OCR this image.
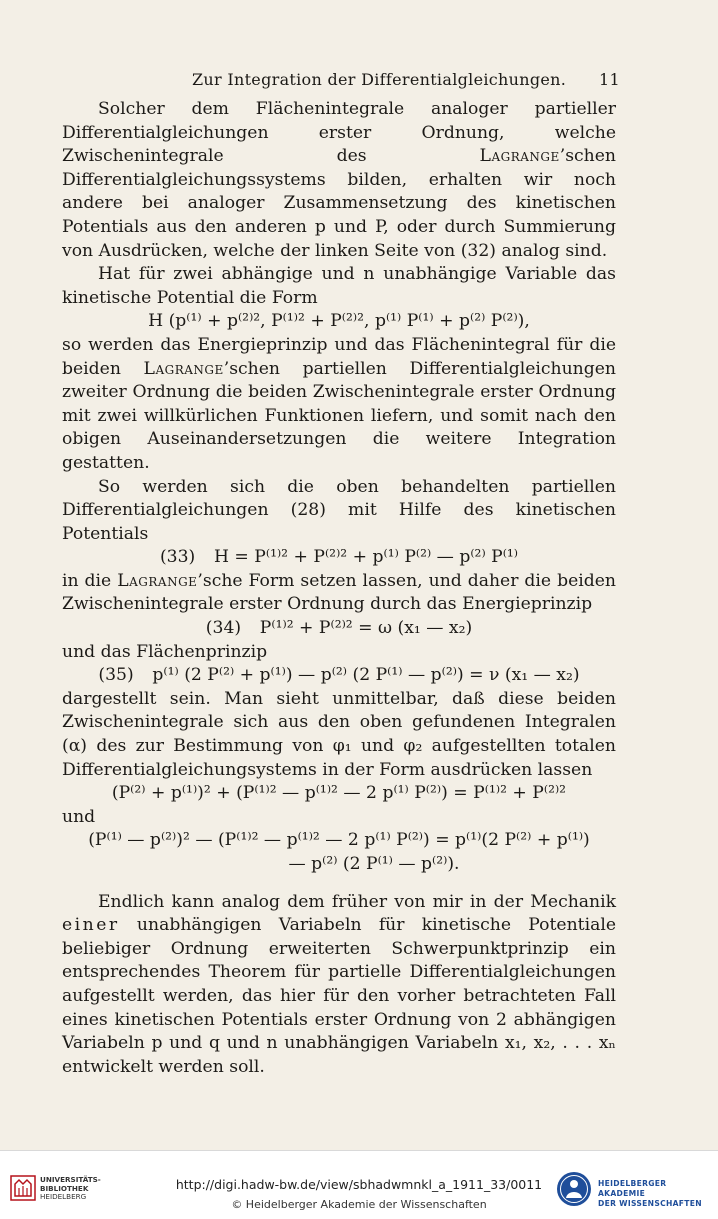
Zur Integration der Differentialgleichungen. 11

Solcher dem Flächenintegrale analoger partieller Differentialgleichungen erster Ordnung, welche Zwischenintegrale des Lagrange’schen Differentialgleichungssystems bilden, erhalten wir noch andere bei analoger Zusammensetzung des kinetischen Potentials aus den anderen p und P, oder durch Summierung von Ausdrücken, welche der linken Seite von (32) analog sind.

Hat für zwei abhängige und n unabhängige Variable das kinetische Potential die Form

H (p⁽¹⁾ + p⁽²⁾², P⁽¹⁾² + P⁽²⁾², p⁽¹⁾ P⁽¹⁾ + p⁽²⁾ P⁽²⁾),

so werden das Energieprinzip und das Flächenintegral für die beiden Lagrange’schen partiellen Differentialgleichungen zweiter Ordnung die beiden Zwischenintegrale erster Ordnung mit zwei willkürlichen Funktionen liefern, und somit nach den obigen Auseinandersetzungen die weitere Integration gestatten.

So werden sich die oben behandelten partiellen Differentialgleichungen (28) mit Hilfe des kinetischen Potentials

(33) H = P⁽¹⁾² + P⁽²⁾² + p⁽¹⁾ P⁽²⁾ — p⁽²⁾ P⁽¹⁾

in die Lagrange’sche Form setzen lassen, und daher die beiden Zwischenintegrale erster Ordnung durch das Energieprinzip

(34) P⁽¹⁾² + P⁽²⁾² = ω (x₁ — x₂)

und das Flächenprinzip

(35) p⁽¹⁾ (2 P⁽²⁾ + p⁽¹⁾) — p⁽²⁾ (2 P⁽¹⁾ — p⁽²⁾) = ν (x₁ — x₂)

dargestellt sein. Man sieht unmittelbar, daß diese beiden Zwischenintegrale sich aus den oben gefundenen Integralen (α) des zur Bestimmung von φ₁ und φ₂ aufgestellten totalen Differentialgleichungsystems in der Form ausdrücken lassen

(P⁽²⁾ + p⁽¹⁾)² + (P⁽¹⁾² — p⁽¹⁾² — 2 p⁽¹⁾ P⁽²⁾) = P⁽¹⁾² + P⁽²⁾²

und

(P⁽¹⁾ — p⁽²⁾)² — (P⁽¹⁾² — p⁽¹⁾² — 2 p⁽¹⁾ P⁽²⁾) = p⁽¹⁾(2 P⁽²⁾ + p⁽¹⁾)

— p⁽²⁾ (2 P⁽¹⁾ — p⁽²⁾).

Endlich kann analog dem früher von mir in der Mechanik einer unabhängigen Variabeln für kinetische Potentiale beliebiger Ordnung erweiterten Schwerpunktprinzip ein entsprechendes Theorem für partielle Differentialgleichungen aufgestellt werden, das hier für den vorher betrachteten Fall eines kinetischen Potentials erster Ordnung von 2 abhängigen Variabeln p und q und n unabhängigen Variabeln x₁, x₂, . . . xₙ entwickelt werden soll.

UNIVERSITÄTS-
BIBLIOTHEK
HEIDELBERG
http://digi.hadw-bw.de/view/sbhadwmnkl_a_1911_33/0011
© Heidelberger Akademie der Wissenschaften
HEIDELBERGER AKADEMIE
DER WISSENSCHAFTEN
